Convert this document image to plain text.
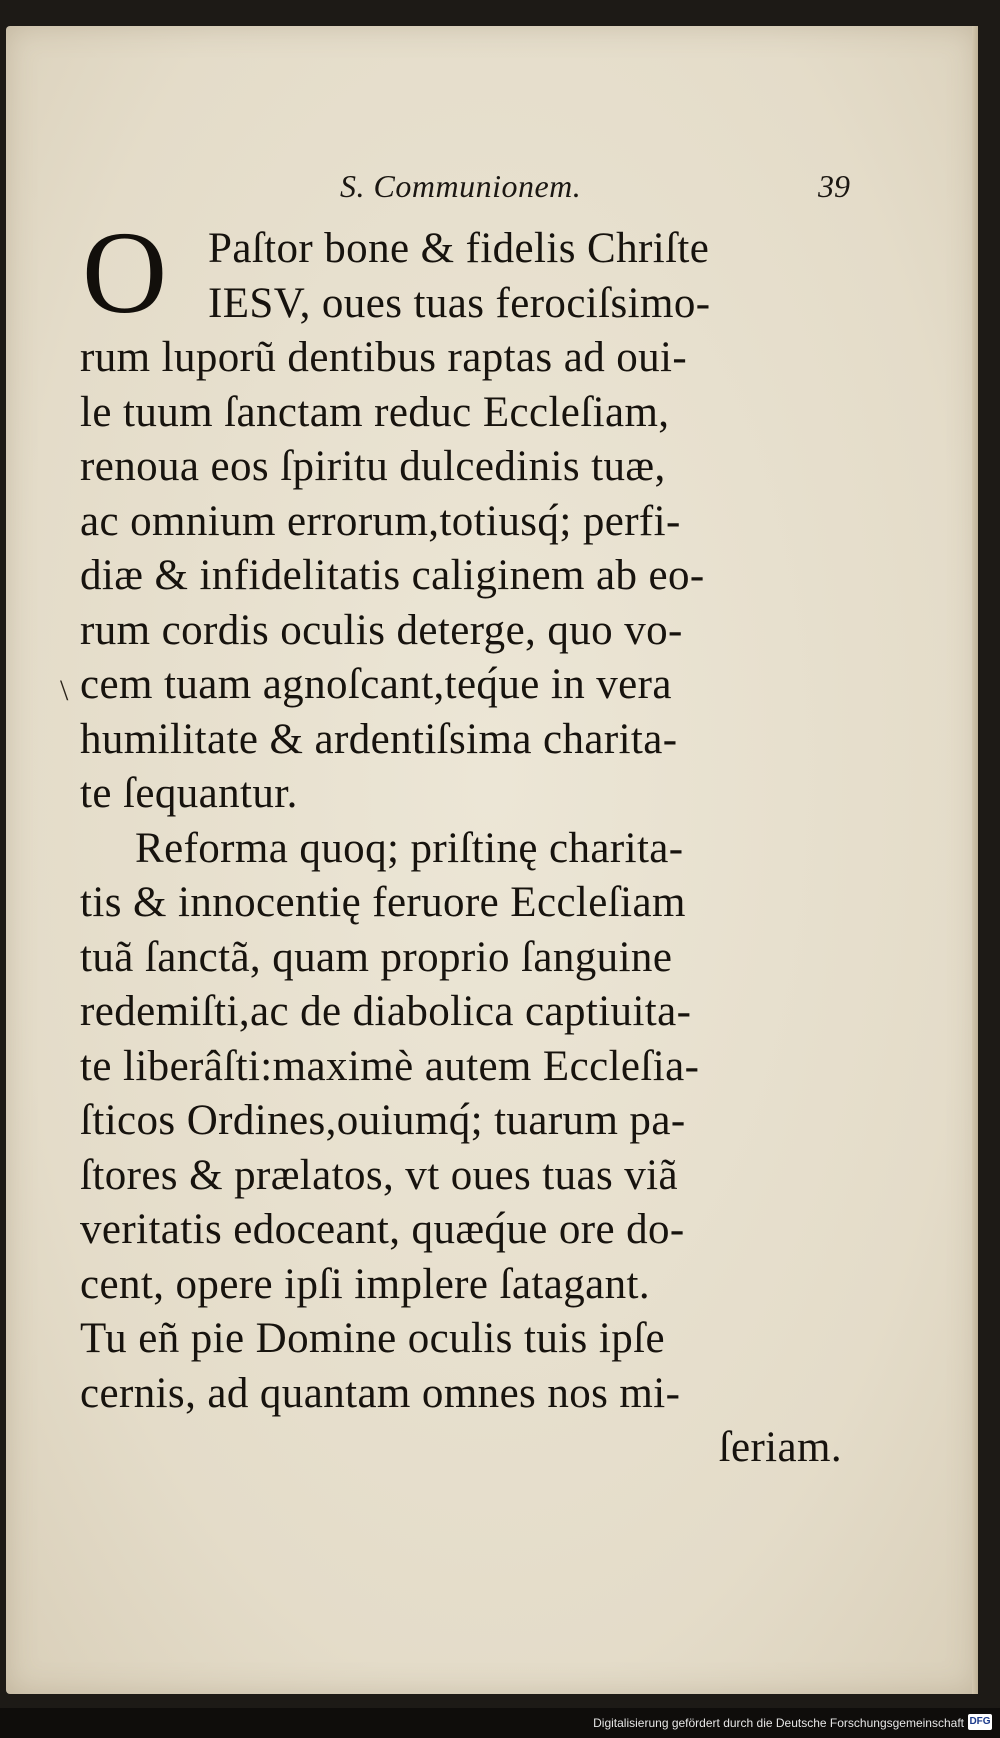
S. Communionem.	39
O
\
Paſtor bone & fidelis Chriſte
IESV, oues tuas ferociſsimo-
rum luporũ dentibus raptas ad oui-
le tuum ſanctam reduc Eccleſiam,
renoua eos ſpiritu dulcedinis tuæ,
ac omnium errorum,totiusq́; perfi-
diæ & infidelitatis caliginem ab eo-
rum cordis oculis deterge, quo vo-
cem tuam agnoſcant,teq́ue in vera
humilitate & ardentiſsima charita-
te ſequantur.
Reforma quoq; priſtinę charita-
tis & innocentię feruore Eccleſiam
tuã ſanctã, quam proprio ſanguine
redemiſti,ac de diabolica captiuita-
te liberâſti:maximè autem Eccleſia-
ſticos Ordines,ouiumq́; tuarum pa-
ſtores & prælatos, vt oues tuas viã
veritatis edoceant, quæq́ue ore do-
cent, opere ipſi implere ſatagant.
Tu eñ pie Domine oculis tuis ipſe
cernis, ad quantam omnes nos mi-
ſeriam.
Digitalisierung gefördert durch die Deutsche Forschungsgemeinschaft DFG
